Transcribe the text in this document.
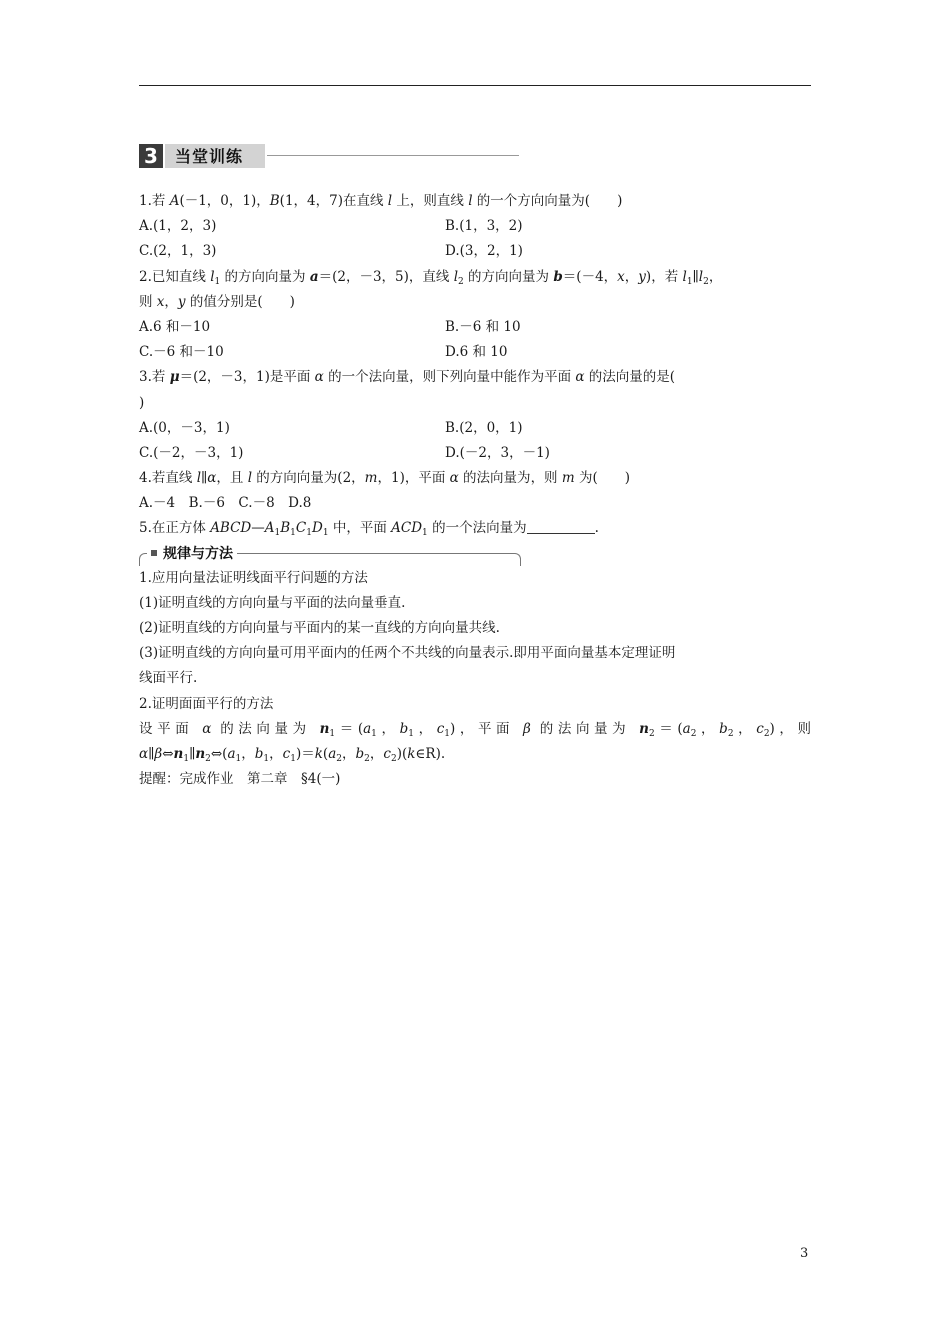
3	当堂训练
1.若 A(－1，0，1)，B(1，4，7)在直线 l 上，则直线 l 的一个方向向量为(　　)
A.(1，2，3)	B.(1，3，2)
C.(2，1，3)	D.(3，2，1)
2.已知直线 $l_1$ 的方向向量为 a＝(2，－3，5)，直线 $l_2$ 的方向向量为 b＝(－4，x，y)，若 $l_1\parallel l_2$，
则 x，y 的值分别是(　　)
A.6 和－10	B.－6 和 10
C.－6 和－10	D.6 和 10
3.若 μ＝(2，－3，1)是平面 α 的一个法向量，则下列向量中能作为平面 α 的法向量的是(
)
A.(0，－3，1)	B.(2，0，1)
C.(－2，－3，1)	D.(－2，3，－1)
4.若直线 l∥α，且 l 的方向向量为(2，m，1)，平面 α 的法向量为，则 m 为(　　)
A.－4　B.－6　C.－8　D.8
5.在正方体 $ABCD—A_1B_1C_1D_1$ 中，平面 $ACD_1$ 的一个法向量为	.
规律与方法
1.应用向量法证明线面平行问题的方法
(1)证明直线的方向向量与平面的法向量垂直.
(2)证明直线的方向向量与平面内的某一直线的方向向量共线.
(3)证明直线的方向向量可用平面内的任两个不共线的向量表示.即用平面向量基本定理证明
线面平行.
2.证明面面平行的方法
设平面 α 的法向量为 $n_1=(a_1$，$b_1$，$c_1$)，平面 β 的法向量为 $n_2=(a_2$，$b_2$，$c_2$)，则
$\alpha\parallel\beta\Leftrightarrow n_1\parallel n_2\Leftrightarrow(a_1$，$b_1$，$c_1)=k(a_2$，$b_2$，$c_2)(k\in R)$.
提醒：完成作业　第二章　§4(一)
3
